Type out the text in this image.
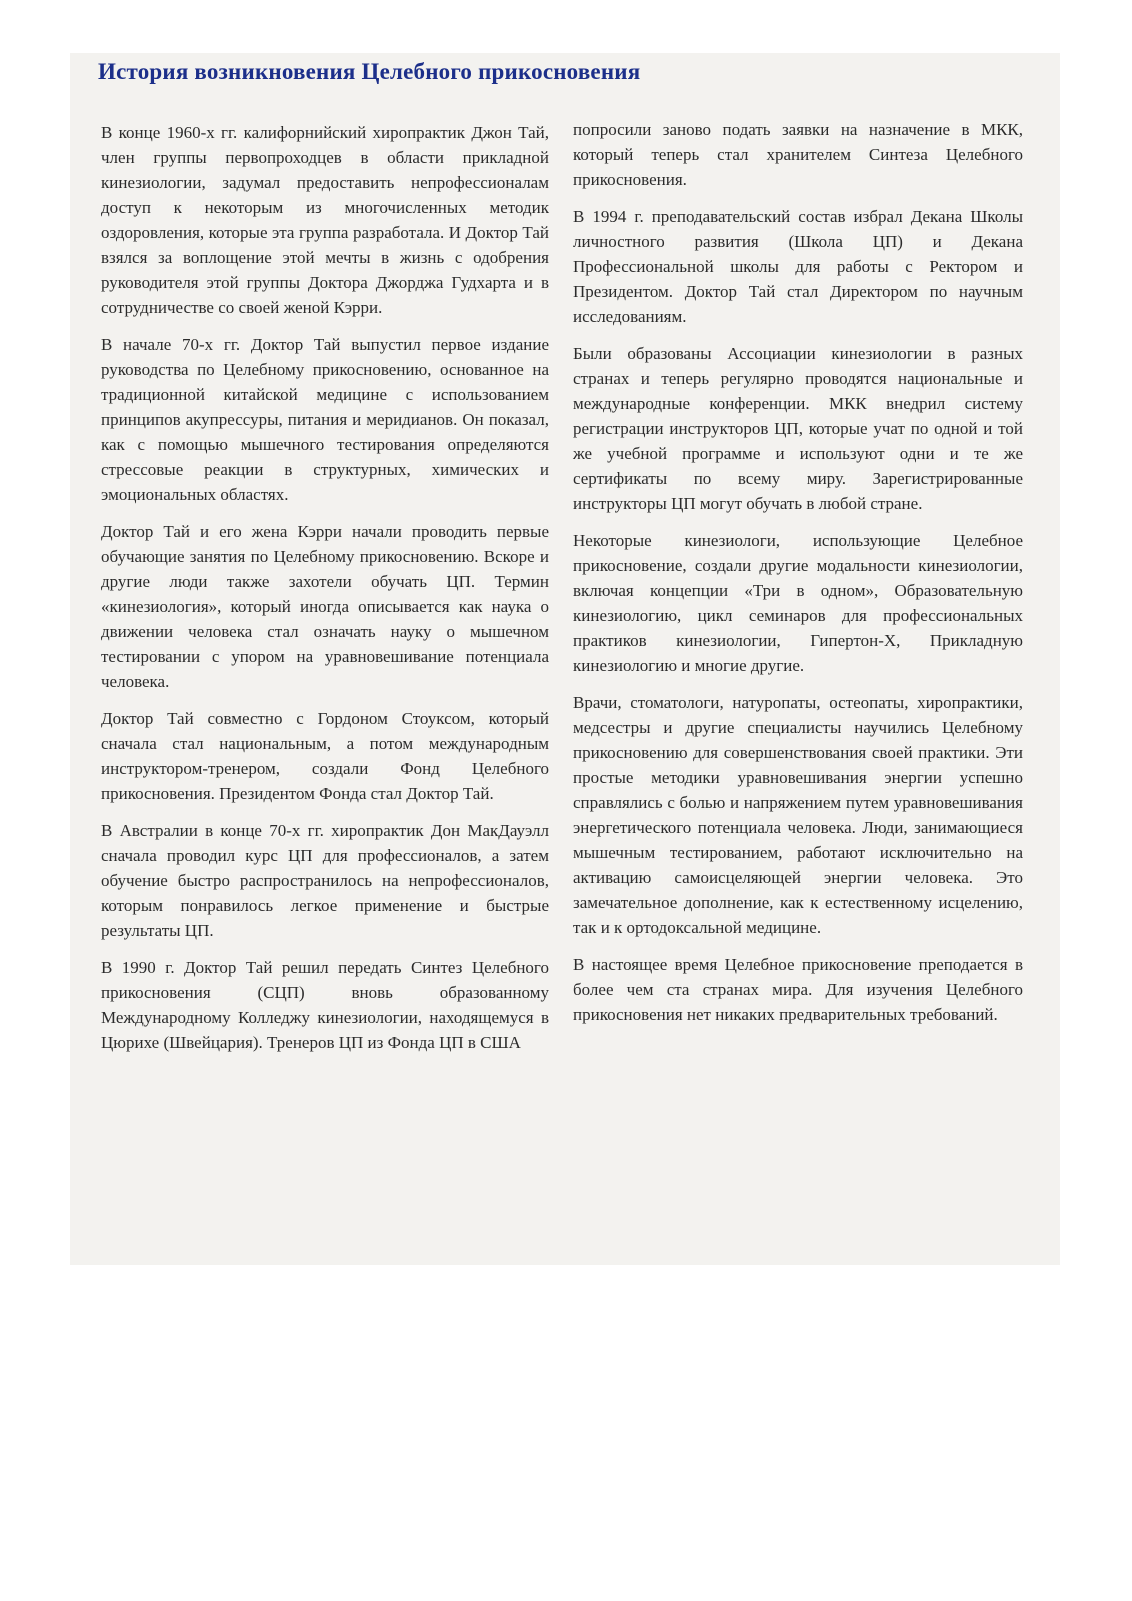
История возникновения Целебного прикосновения

В конце 1960-х гг. калифорнийский хиропрактик Джон Тай, член группы первопроходцев в области прикладной кинезиологии, задумал предоставить непрофессионалам доступ к некоторым из многочисленных методик оздоровления, которые эта группа разработала. И Доктор Тай взялся за воплощение этой мечты в жизнь с одобрения руководителя этой группы Доктора Джорджа Гудхарта и в сотрудничестве со своей женой Кэрри.

В начале 70-х гг. Доктор Тай выпустил первое издание руководства по Целебному прикосновению, основанное на традиционной китайской медицине с использованием принципов акупрессуры, питания и меридианов. Он показал, как с помощью мышечного тестирования определяются стрессовые реакции в структурных, химических и эмоциональных областях.

Доктор Тай и его жена Кэрри начали проводить первые обучающие занятия по Целебному прикосновению. Вскоре и другие люди также захотели обучать ЦП. Термин «кинезиология», который иногда описывается как наука о движении человека стал означать науку о мышечном тестировании с упором на уравновешивание потенциала человека.

Доктор Тай совместно с Гордоном Стоуксом, который сначала стал национальным, а потом международным инструктором-тренером, создали Фонд Целебного прикосновения. Президентом Фонда стал Доктор Тай.

В Австралии в конце 70-х гг. хиропрактик Дон МакДауэлл сначала проводил курс ЦП для профессионалов, а затем обучение быстро распространилось на непрофессионалов, которым понравилось легкое применение и быстрые результаты ЦП.

В 1990 г. Доктор Тай решил передать Синтез Целебного прикосновения (СЦП) вновь образованному Международному Колледжу кинезиологии, находящемуся в Цюрихе (Швейцария). Тренеров ЦП из Фонда ЦП в США

попросили заново подать заявки на назначение в МКК, который теперь стал хранителем Синтеза Целебного прикосновения.

В 1994 г. преподавательский состав избрал Декана Школы личностного развития (Школа ЦП) и Декана Профессиональной школы для работы с Ректором и Президентом. Доктор Тай стал Директором по научным исследованиям.

Были образованы Ассоциации кинезиологии в разных странах и теперь регулярно проводятся национальные и международные конференции. МКК внедрил систему регистрации инструкторов ЦП, которые учат по одной и той же учебной программе и используют одни и те же сертификаты по всему миру. Зарегистрированные инструкторы ЦП могут обучать в любой стране.

Некоторые кинезиологи, использующие Целебное прикосновение, создали другие модальности кинезиологии, включая концепции «Три в одном», Образовательную кинезиологию, цикл семинаров для профессиональных практиков кинезиологии, Гипертон-Х, Прикладную кинезиологию и многие другие.

Врачи, стоматологи, натуропаты, остеопаты, хиропрактики, медсестры и другие специалисты научились Целебному прикосновению для совершенствования своей практики. Эти простые методики уравновешивания энергии успешно справлялись с болью и напряжением путем уравновешивания энергетического потенциала человека. Люди, занимающиеся мышечным тестированием, работают исключительно на активацию самоисцеляющей энергии человека. Это замечательное дополнение, как к естественному исцелению, так и к ортодоксальной медицине.

В настоящее время Целебное прикосновение преподается в более чем ста странах мира. Для изучения Целебного прикосновения нет никаких предварительных требований.
